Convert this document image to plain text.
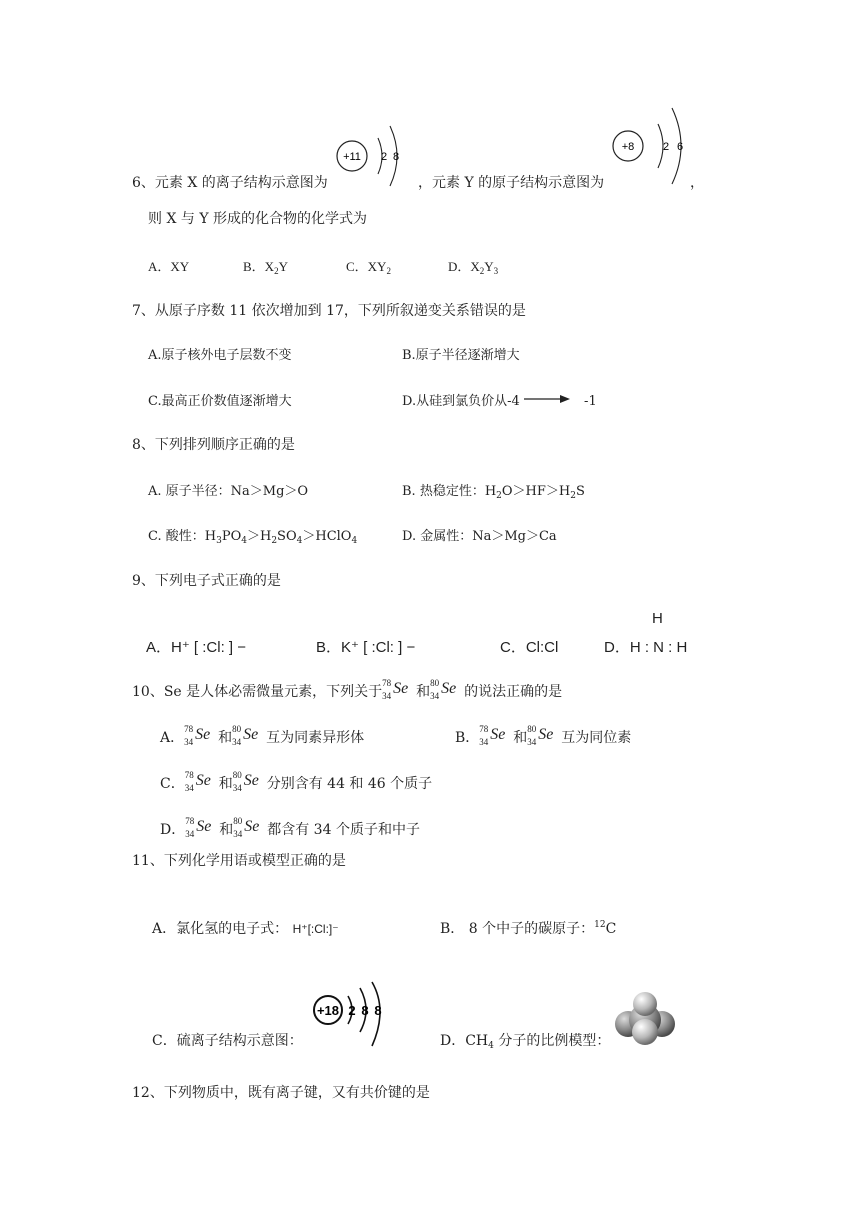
6、元素 X 的离子结构示意图为
+11 2 8
，元素 Y 的原子结构示意图为
+8	2 6
，
则 X 与 Y 形成的化合物的化学式为
A．XY	B．$X_2Y$	C．$XY_2$	D．$X_2Y_3$
7、从原子序数 11 依次增加到 17，下列所叙递变关系错误的是
A.原子核外电子层数不变	B.原子半径逐渐增大
C.最高正价数值逐渐增大	D.从硅到氯负价从-4	-1
8、下列排列顺序正确的是
A. 原子半径：Na＞Mg＞O	B. 热稳定性：$H_2O>HF>H_2S$
C. 酸性：$H_3PO_4>H_2SO_4>HClO_4$	D. 金属性：Na＞Mg＞Ca
9、下列电子式正确的是
A．H⁺ [ :Cl: ] −	B．K⁺ [ :Cl: ] −	C．Cl:Cl
H
D．H : N : H
10、Se 是人体必需微量元素，下列关于
78
34 Se 和
80
34 Se 的说法正确的是
A．
78
34 Se 和
80
34 Se 互为同素异形体	B．
78
34 Se 和
80
34 Se 互为同位素
C．
78
34 Se 和
80
34 Se 分别含有 44 和 46 个质子
D．
78
34 Se 和
80
34 Se 都含有 34 个质子和中子
11、下列化学用语或模型正确的是
A．氯化氢的电子式： H⁺[:Cl:]⁻	B． 8 个中子的碳原子：$^{12}$C
C．硫离子结构示意图：
+18 2 8 8
D．$CH_4$ 分子的比例模型：
12、下列物质中，既有离子键，又有共价键的是
